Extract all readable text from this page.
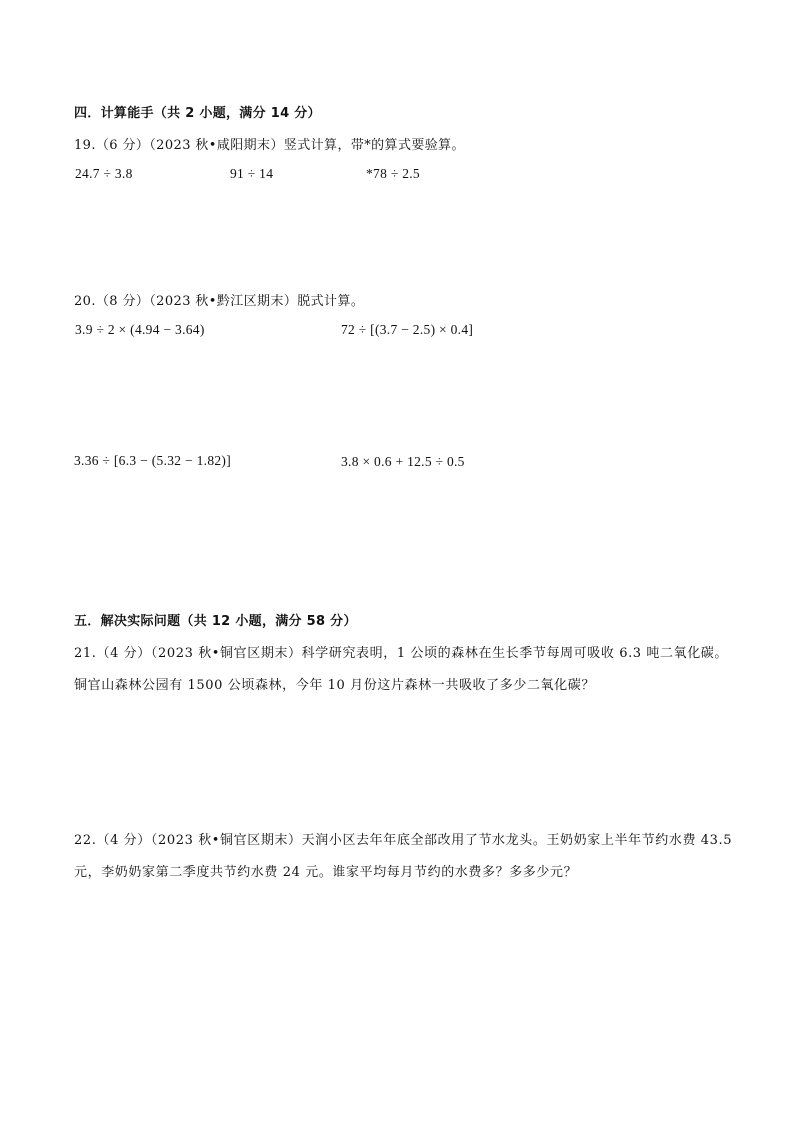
四．计算能手（共 2 小题，满分 14 分）
19.（6 分）（2023 秋•咸阳期末）竖式计算，带*的算式要验算。
24.7 ÷ 3.8	91 ÷ 14	*78 ÷ 2.5
20.（8 分）（2023 秋•黔江区期末）脱式计算。
3.9 ÷ 2 × (4.94 − 3.64)	72 ÷ [(3.7 − 2.5) × 0.4]
3.36 ÷ [6.3 − (5.32 − 1.82)]	3.8 × 0.6 + 12.5 ÷ 0.5
五．解决实际问题（共 12 小题，满分 58 分）
21.（4 分）（2023 秋•铜官区期末）科学研究表明，1 公顷的森林在生长季节每周可吸收 6.3 吨二氧化碳。
铜官山森林公园有 1500 公顷森林，今年 10 月份这片森林一共吸收了多少二氧化碳？
22.（4 分）（2023 秋•铜官区期末）天润小区去年年底全部改用了节水龙头。王奶奶家上半年节约水费 43.5
元，李奶奶家第二季度共节约水费 24 元。谁家平均每月节约的水费多？多多少元？
